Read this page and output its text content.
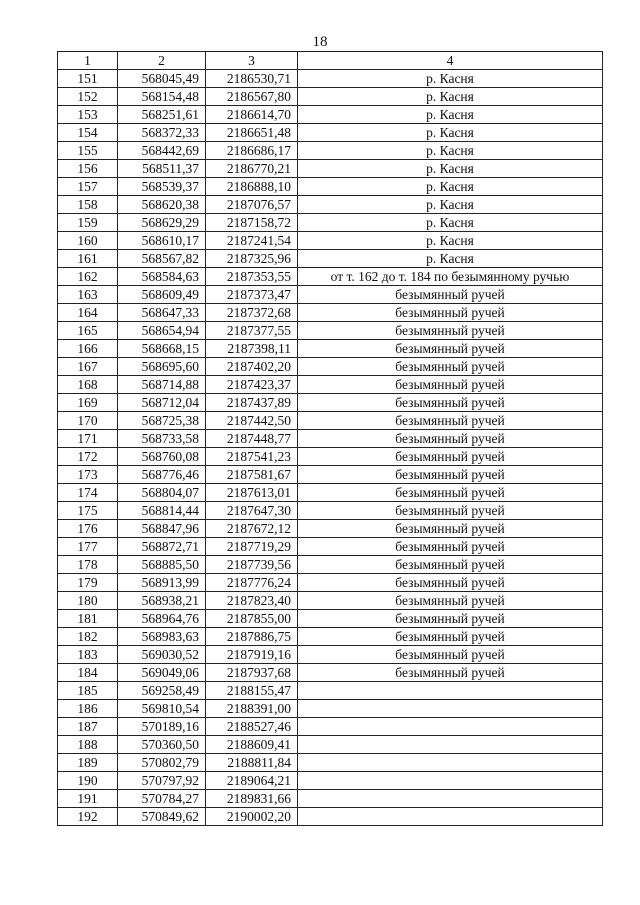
18
1	2	3	4
151	568045,49	2186530,71	р. Касня
152	568154,48	2186567,80	р. Касня
153	568251,61	2186614,70	р. Касня
154	568372,33	2186651,48	р. Касня
155	568442,69	2186686,17	р. Касня
156	568511,37	2186770,21	р. Касня
157	568539,37	2186888,10	р. Касня
158	568620,38	2187076,57	р. Касня
159	568629,29	2187158,72	р. Касня
160	568610,17	2187241,54	р. Касня
161	568567,82	2187325,96	р. Касня
162	568584,63	2187353,55	от т. 162 до т. 184 по безымянному ручью
163	568609,49	2187373,47	безымянный ручей
164	568647,33	2187372,68	безымянный ручей
165	568654,94	2187377,55	безымянный ручей
166	568668,15	2187398,11	безымянный ручей
167	568695,60	2187402,20	безымянный ручей
168	568714,88	2187423,37	безымянный ручей
169	568712,04	2187437,89	безымянный ручей
170	568725,38	2187442,50	безымянный ручей
171	568733,58	2187448,77	безымянный ручей
172	568760,08	2187541,23	безымянный ручей
173	568776,46	2187581,67	безымянный ручей
174	568804,07	2187613,01	безымянный ручей
175	568814,44	2187647,30	безымянный ручей
176	568847,96	2187672,12	безымянный ручей
177	568872,71	2187719,29	безымянный ручей
178	568885,50	2187739,56	безымянный ручей
179	568913,99	2187776,24	безымянный ручей
180	568938,21	2187823,40	безымянный ручей
181	568964,76	2187855,00	безымянный ручей
182	568983,63	2187886,75	безымянный ручей
183	569030,52	2187919,16	безымянный ручей
184	569049,06	2187937,68	безымянный ручей
185	569258,49	2188155,47	
186	569810,54	2188391,00	
187	570189,16	2188527,46	
188	570360,50	2188609,41	
189	570802,79	2188811,84	
190	570797,92	2189064,21	
191	570784,27	2189831,66	
192	570849,62	2190002,20	
